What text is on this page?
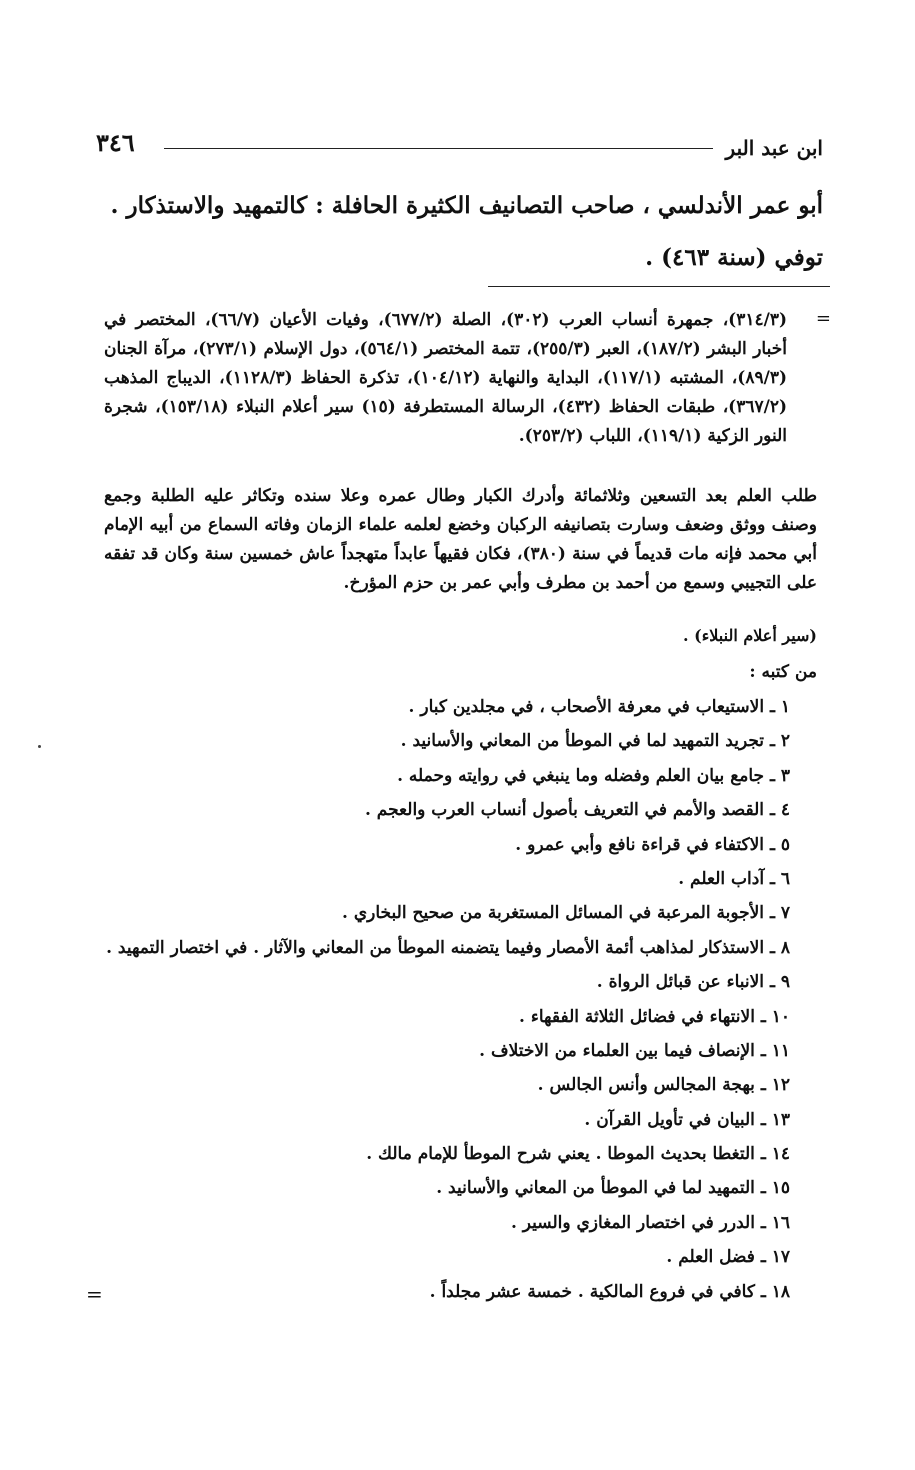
ابن عبد البر
٣٤٦

أبو عمر الأندلسي ، صاحب التصانيف الكثيرة الحافلة : كالتمهيد والاستذكار .

توفي (سنة ٤٦٣) .

=

(٣١٤/٣)، جمهرة أنساب العرب (٣٠٢)، الصلة (٦٧٧/٢)، وفيات الأعيان (٦٦/٧)، المختصر في أخبار البشر (١٨٧/٢)، العبر (٢٥٥/٣)، تتمة المختصر (٥٦٤/١)، دول الإسلام (٢٧٣/١)، مرآة الجنان (٨٩/٣)، المشتبه (١١٧/١)، البداية والنهاية (١٠٤/١٢)، تذكرة الحفاظ (١١٢٨/٣)، الديباج المذهب (٣٦٧/٢)، طبقات الحفاظ (٤٣٢)، الرسالة المستطرفة (١٥) سير أعلام النبلاء (١٥٣/١٨)، شجرة النور الزكية (١١٩/١)، اللباب (٢٥٣/٢).

طلب العلم بعد التسعين وثلاثمائة وأدرك الكبار وطال عمره وعلا سنده وتكاثر عليه الطلبة وجمع وصنف ووثق وضعف وسارت بتصانيفه الركبان وخضع لعلمه علماء الزمان وفاته السماع من أبيه الإمام أبي محمد فإنه مات قديماً في سنة (٣٨٠)، فكان فقيهاً عابداً متهجداً عاش خمسين سنة وكان قد تفقه على التجيبي وسمع من أحمد بن مطرف وأبي عمر بن حزم المؤرخ.

(سير أعلام النبلاء) .
من كتبه :
١ ـ الاستيعاب في معرفة الأصحاب ، في مجلدين كبار .
٢ ـ تجريد التمهيد لما في الموطأ من المعاني والأسانيد .
٣ ـ جامع بيان العلم وفضله وما ينبغي في روايته وحمله .
٤ ـ القصد والأمم في التعريف بأصول أنساب العرب والعجم .
٥ ـ الاكتفاء في قراءة نافع وأبي عمرو .
٦ ـ آداب العلم .
٧ ـ الأجوبة المرعبة في المسائل المستغربة من صحيح البخاري .
٨ ـ الاستذكار لمذاهب أئمة الأمصار وفيما يتضمنه الموطأ من المعاني والآثار . في اختصار التمهيد .
٩ ـ الانباء عن قبائل الرواة .
١٠ ـ الانتهاء في فضائل الثلاثة الفقهاء .
١١ ـ الإنصاف فيما بين العلماء من الاختلاف .
١٢ ـ بهجة المجالس وأنس الجالس .
١٣ ـ البيان في تأويل القرآن .
١٤ ـ التغطا بحديث الموطا . يعني شرح الموطأ للإمام مالك .
١٥ ـ التمهيد لما في الموطأ من المعاني والأسانيد .
١٦ ـ الدرر في اختصار المغازي والسير .
١٧ ـ فضل العلم .
١٨ ـ كافي في فروع المالكية . خمسة عشر مجلداً .
=
